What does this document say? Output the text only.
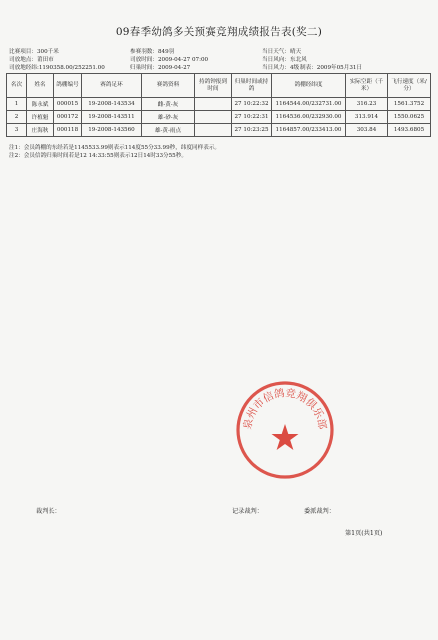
09春季幼鸽多关预赛竞翔成绩报告表(奖二)
比赛项目：300千米
司放地点：莆田市
司放地经纬:1190358.00/252251.00
参赛羽数：849羽
司放时间：2009-04-27 07:00
归巢时间：2009-04-27
当日天气：晴天
当日风向：东北风
当日风力：4级 制表：2009年05月31日
名次	姓名	鸽棚编号	赛鸽足环	赛鸽资料	持鸽钟报到时间	归巢时间或持鸽	鸽棚经纬度	实际空距（千米）	飞行速度（米/分）
1	陈永斌	000015	19-2008-143534	雌-黄-灰		27 10:22:32	1164544.00/232731.00	316.23	1561.3752
2	许植魁	000172	19-2008-143511	雄-砂-灰		27 10:22:31	1164536.00/232930.00	313.914	1550.0625
3	庄海秋	000118	19-2008-143560	雄-黄-雨点		27 10:23:25	1164857.00/233413.00	303.84	1493.6805
注1：会员鸽棚的东经若是1145533.99则表示114度55分33.99秒，纬度同样表示。
注2：会员信鸽归巢时间若是12 14:33:55则表示12日14时33分55秒。
泉州市信鸽竞翔俱乐部
裁判长：	记录裁判：	委派裁判：
第1页(共1页)
